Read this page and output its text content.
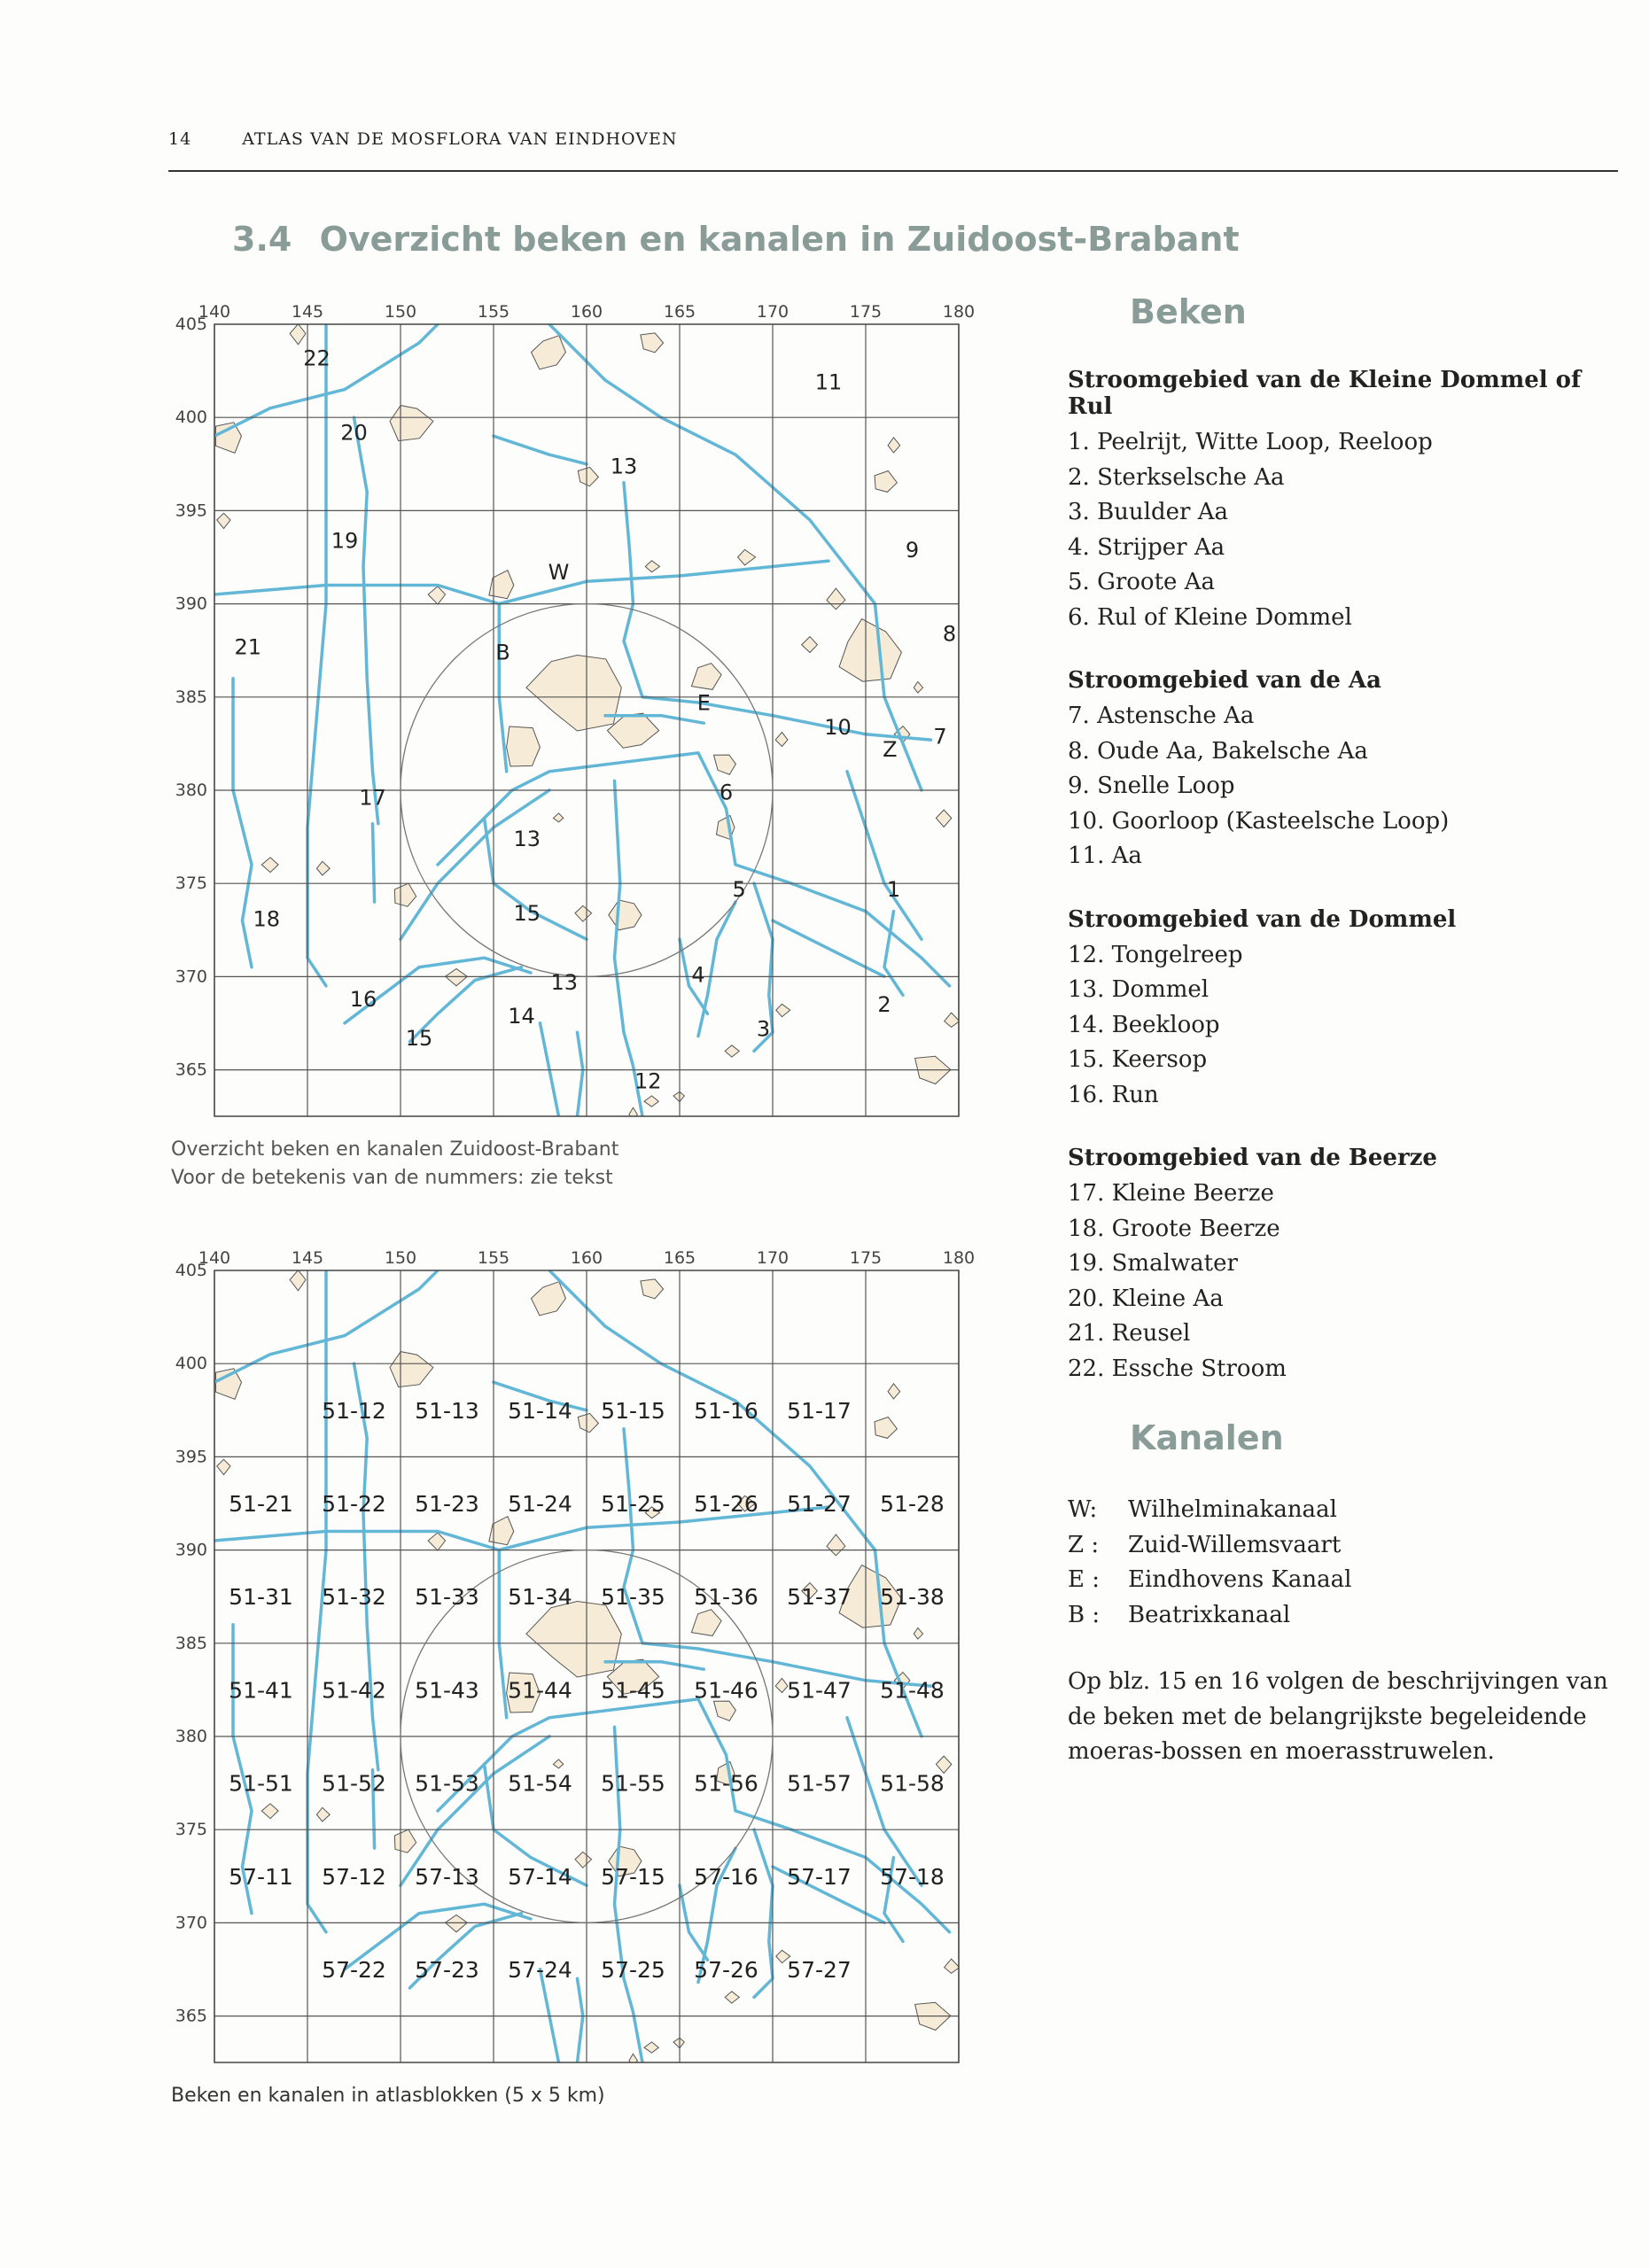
14	ATLAS VAN DE MOSFLORA VAN EINDHOVEN
3.4 Overzicht beken en kanalen in Zuidoost-Brabant
140	145	150	155	160	165	170	175	180
405
400
395
390
385
380
375
370
365
22
11
20
13
9
19
W
8
21	B
E
10
Z
7
6
17
13
5	1
15
18
13	4
16	2
14
3
15
12
Overzicht beken en kanalen Zuidoost-Brabant
Voor de betekenis van de nummers: zie tekst
140	145	150	155	160	165	170	175	180
405
400
395
390
385
380
375
370
365
51-12 51-13 51-14 51-15 51-16 51-17
51-21 51-22 51-23 51-24 51-25 51-26 51-27 51-28
51-31 51-32 51-33 51-34 51-35 51-36 51-37 51-38
51-41 51-42 51-43 51-44 51-45 51-46 51-47 51-48
51-51 51-52 51-53 51-54 51-55 51-56 51-57 51-58
57-11 57-12 57-13 57-14 57-15 57-16 57-17 57-18
57-22 57-23 57-24 57-25 57-26 57-27
Beken en kanalen in atlasblokken (5 x 5 km)
Beken
Stroomgebied van de Kleine Dommel of Rul
1. Peelrijt, Witte Loop, Reeloop
2. Sterkselsche Aa
3. Buulder Aa
4. Strijper Aa
5. Groote Aa
6. Rul of Kleine Dommel
Stroomgebied van de Aa
7. Astensche Aa
8. Oude Aa, Bakelsche Aa
9. Snelle Loop
10. Goorloop (Kasteelsche Loop)
11. Aa
Stroomgebied van de Dommel
12. Tongelreep
13. Dommel
14. Beekloop
15. Keersop
16. Run
Stroomgebied van de Beerze
17. Kleine Beerze
18. Groote Beerze
19. Smalwater
20. Kleine Aa
21. Reusel
22. Essche Stroom
Kanalen
W: Wilhelminakanaal
Z : Zuid-Willemsvaart
E : Eindhovens Kanaal
B : Beatrixkanaal

Op blz. 15 en 16 volgen de beschrijvingen van de beken met de belangrijkste begeleidende moeras-bossen en moerasstruwelen.
